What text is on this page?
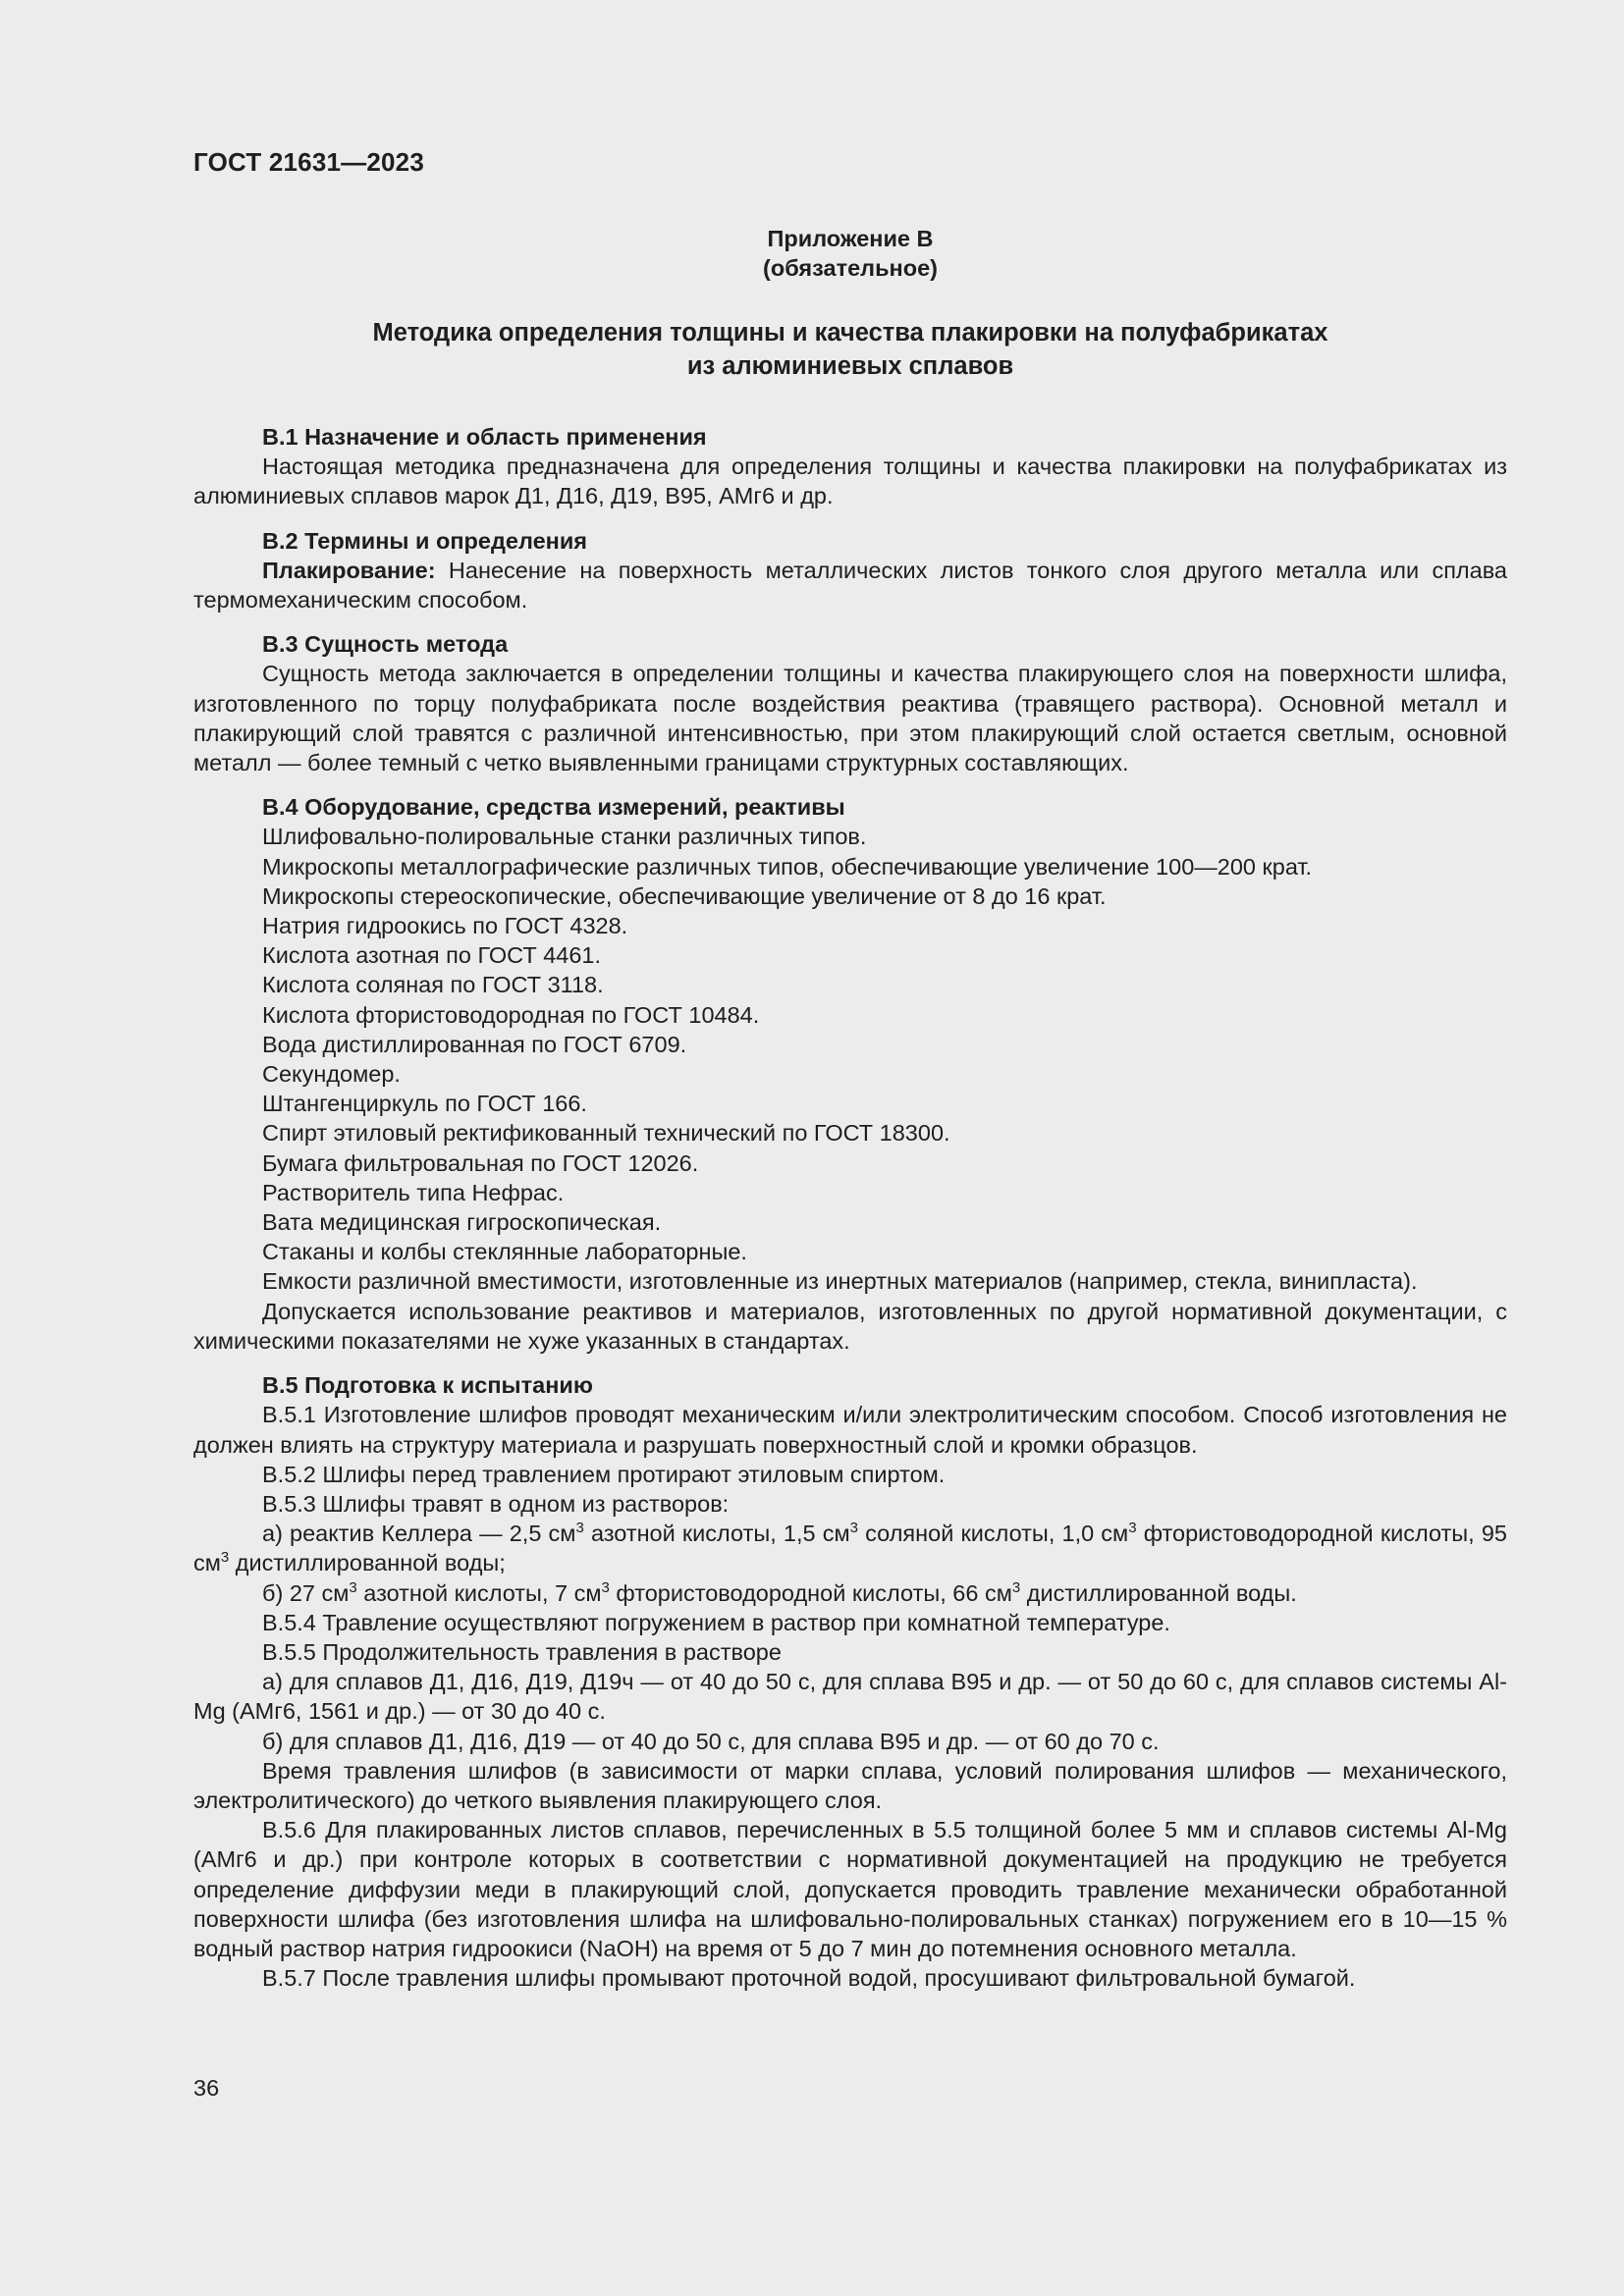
ГОСТ 21631—2023
Приложение В
(обязательное)
Методика определения толщины и качества плакировки на полуфабрикатах
из алюминиевых сплавов
В.1 Назначение и область применения

Настоящая методика предназначена для определения толщины и качества плакировки на полуфабрикатах из алюминиевых сплавов марок Д1, Д16, Д19, В95, АМг6 и др.

В.2 Термины и определения

Плакирование: Нанесение на поверхность металлических листов тонкого слоя другого металла или сплава термомеханическим способом.

В.3 Сущность метода

Сущность метода заключается в определении толщины и качества плакирующего слоя на поверхности шлифа, изготовленного по торцу полуфабриката после воздействия реактива (травящего раствора). Основной металл и плакирующий слой травятся с различной интенсивностью, при этом плакирующий слой остается светлым, основной металл — более темный с четко выявленными границами структурных составляющих.

В.4 Оборудование, средства измерений, реактивы

Шлифовально-полировальные станки различных типов.

Микроскопы металлографические различных типов, обеспечивающие увеличение 100—200 крат.

Микроскопы стереоскопические, обеспечивающие увеличение от 8 до 16 крат.

Натрия гидроокись по ГОСТ 4328.

Кислота азотная по ГОСТ 4461.

Кислота соляная по ГОСТ 3118.

Кислота фтористоводородная по ГОСТ 10484.

Вода дистиллированная по ГОСТ 6709.

Секундомер.

Штангенциркуль по ГОСТ 166.

Спирт этиловый ректификованный технический по ГОСТ 18300.

Бумага фильтровальная по ГОСТ 12026.

Растворитель типа Нефрас.

Вата медицинская гигроскопическая.

Стаканы и колбы стеклянные лабораторные.

Емкости различной вместимости, изготовленные из инертных материалов (например, стекла, винипласта).

Допускается использование реактивов и материалов, изготовленных по другой нормативной документации, с химическими показателями не хуже указанных в стандартах.

В.5 Подготовка к испытанию

В.5.1 Изготовление шлифов проводят механическим и/или электролитическим способом. Способ изготовления не должен влиять на структуру материала и разрушать поверхностный слой и кромки образцов.

В.5.2 Шлифы перед травлением протирают этиловым спиртом.

В.5.3 Шлифы травят в одном из растворов:

а) реактив Келлера — 2,5 $см^3$ азотной кислоты, 1,5 $см^3$ соляной кислоты, 1,0 $см^3$ фтористоводородной кислоты, 95 $см^3$ дистиллированной воды;

б) 27 $см^3$ азотной кислоты, 7 $см^3$ фтористоводородной кислоты, 66 $см^3$ дистиллированной воды.

В.5.4 Травление осуществляют погружением в раствор при комнатной температуре.

В.5.5 Продолжительность травления в растворе

а) для сплавов Д1, Д16, Д19, Д19ч — от 40 до 50 с, для сплава В95 и др. — от 50 до 60 с, для сплавов системы Al-Mg (АМг6, 1561 и др.) — от 30 до 40 с.

б) для сплавов Д1, Д16, Д19 — от 40 до 50 с, для сплава В95 и др. — от 60 до 70 с.

Время травления шлифов (в зависимости от марки сплава, условий полирования шлифов — механического, электролитического) до четкого выявления плакирующего слоя.

В.5.6 Для плакированных листов сплавов, перечисленных в 5.5 толщиной более 5 мм и сплавов системы Al-Mg (АМг6 и др.) при контроле которых в соответствии с нормативной документацией на продукцию не требуется определение диффузии меди в плакирующий слой, допускается проводить травление механически обработанной поверхности шлифа (без изготовления шлифа на шлифовально-полировальных станках) погружением его в 10—15 % водный раствор натрия гидроокиси (NaOH) на время от 5 до 7 мин до потемнения основного металла.

В.5.7 После травления шлифы промывают проточной водой, просушивают фильтровальной бумагой.

36
